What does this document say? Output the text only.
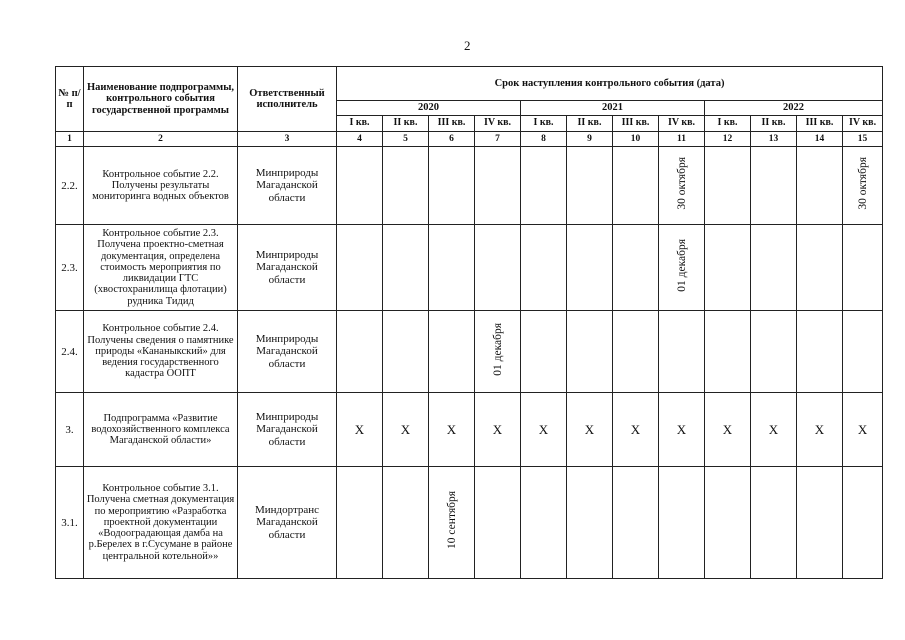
2
№ п/п	Наименование подпрограммы, контрольного события государственной программы	Ответственный исполнитель	Срок наступления контрольного события (дата)											
			2020				2021				2022			
			I кв.	II кв.	III кв.	IV кв.	I кв.	II кв.	III кв.	IV кв.	I кв.	II кв.	III кв.	IV кв.
1	2	3	4	5	6	7	8	9	10	11	12	13	14	15
2.2.	Контрольное событие 2.2. Получены результаты мониторинга водных объектов	Минприроды Магаданской области								30 октября				30 октября
2.3.	Контрольное событие 2.3. Получена проектно-сметная документация, определена стоимость мероприятия по ликвидации ГТС (хвостохранилища флотации) рудника Тидид	Минприроды Магаданской области								01 декабря				
2.4.	Контрольное событие 2.4. Получены сведения о памятнике природы «Кананыкский» для ведения государственного кадастра ООПТ	Минприроды Магаданской области				01 декабря								
3.	Подпрограмма «Развитие водохозяйственного комплекса Магаданской области»	Минприроды Магаданской области	X	X	X	X	X	X	X	X	X	X	X	X
3.1.	Контрольное событие 3.1. Получена сметная документация по мероприятию «Разработка проектной документации «Водооградающая дамба на р.Берелех в г.Сусумане в районе центральной котельной»»	Миндортранс Магаданской области			10 сентября									
